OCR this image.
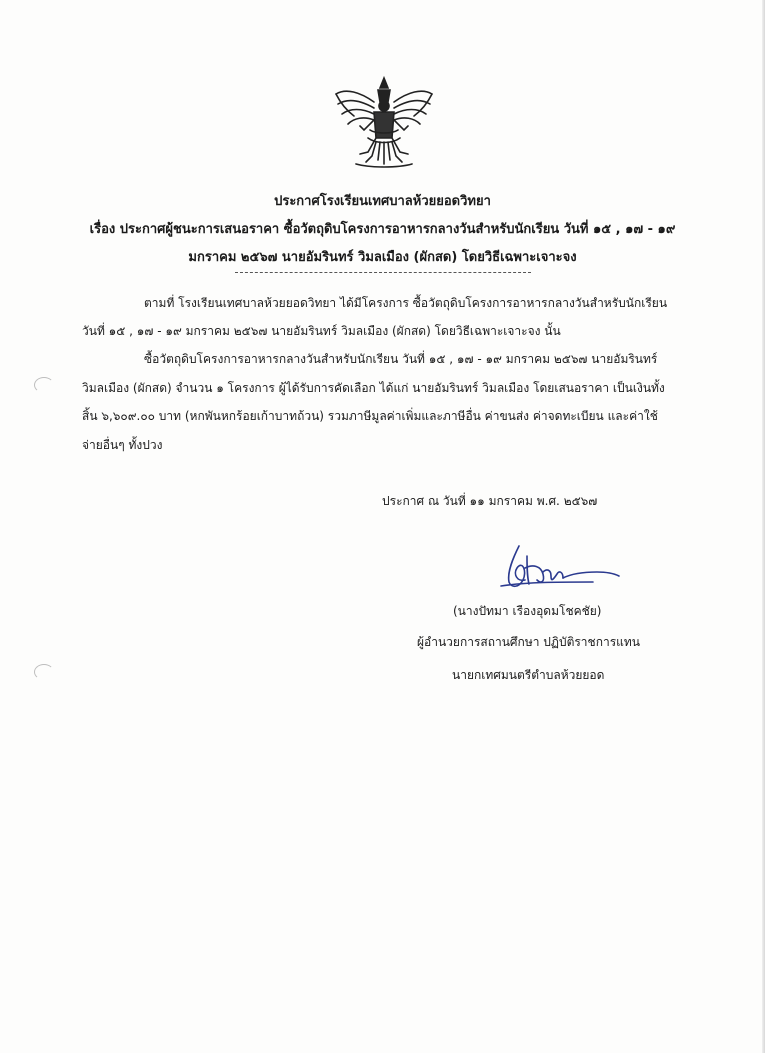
ประกาศโรงเรียนเทศบาลห้วยยอดวิทยา
เรื่อง ประกาศผู้ชนะการเสนอราคา ซื้อวัตถุดิบโครงการอาหารกลางวันสำหรับนักเรียน วันที่ ๑๕ , ๑๗ - ๑๙
มกราคม ๒๕๖๗ นายอัมรินทร์ วิมลเมือง (ผักสด) โดยวิธีเฉพาะเจาะจง
ตามที่ โรงเรียนเทศบาลห้วยยอดวิทยา ได้มีโครงการ ซื้อวัตถุดิบโครงการอาหารกลางวันสำหรับนักเรียน
วันที่ ๑๕ , ๑๗ - ๑๙ มกราคม ๒๕๖๗ นายอัมรินทร์ วิมลเมือง (ผักสด) โดยวิธีเฉพาะเจาะจง นั้น
ซื้อวัตถุดิบโครงการอาหารกลางวันสำหรับนักเรียน วันที่ ๑๕ , ๑๗ - ๑๙ มกราคม ๒๕๖๗ นายอัมรินทร์
วิมลเมือง (ผักสด) จำนวน ๑ โครงการ ผู้ได้รับการคัดเลือก ได้แก่ นายอัมรินทร์ วิมลเมือง โดยเสนอราคา เป็นเงินทั้ง
สิ้น ๖,๖๐๙.๐๐ บาท (หกพันหกร้อยเก้าบาทถ้วน) รวมภาษีมูลค่าเพิ่มและภาษีอื่น ค่าขนส่ง ค่าจดทะเบียน และค่าใช้
จ่ายอื่นๆ ทั้งปวง
ประกาศ ณ วันที่ ๑๑ มกราคม พ.ศ. ๒๕๖๗
(นางปัทมา เรืองอุดมโชคชัย)
ผู้อำนวยการสถานศึกษา ปฏิบัติราชการแทน
นายกเทศมนตรีตำบลห้วยยอด
